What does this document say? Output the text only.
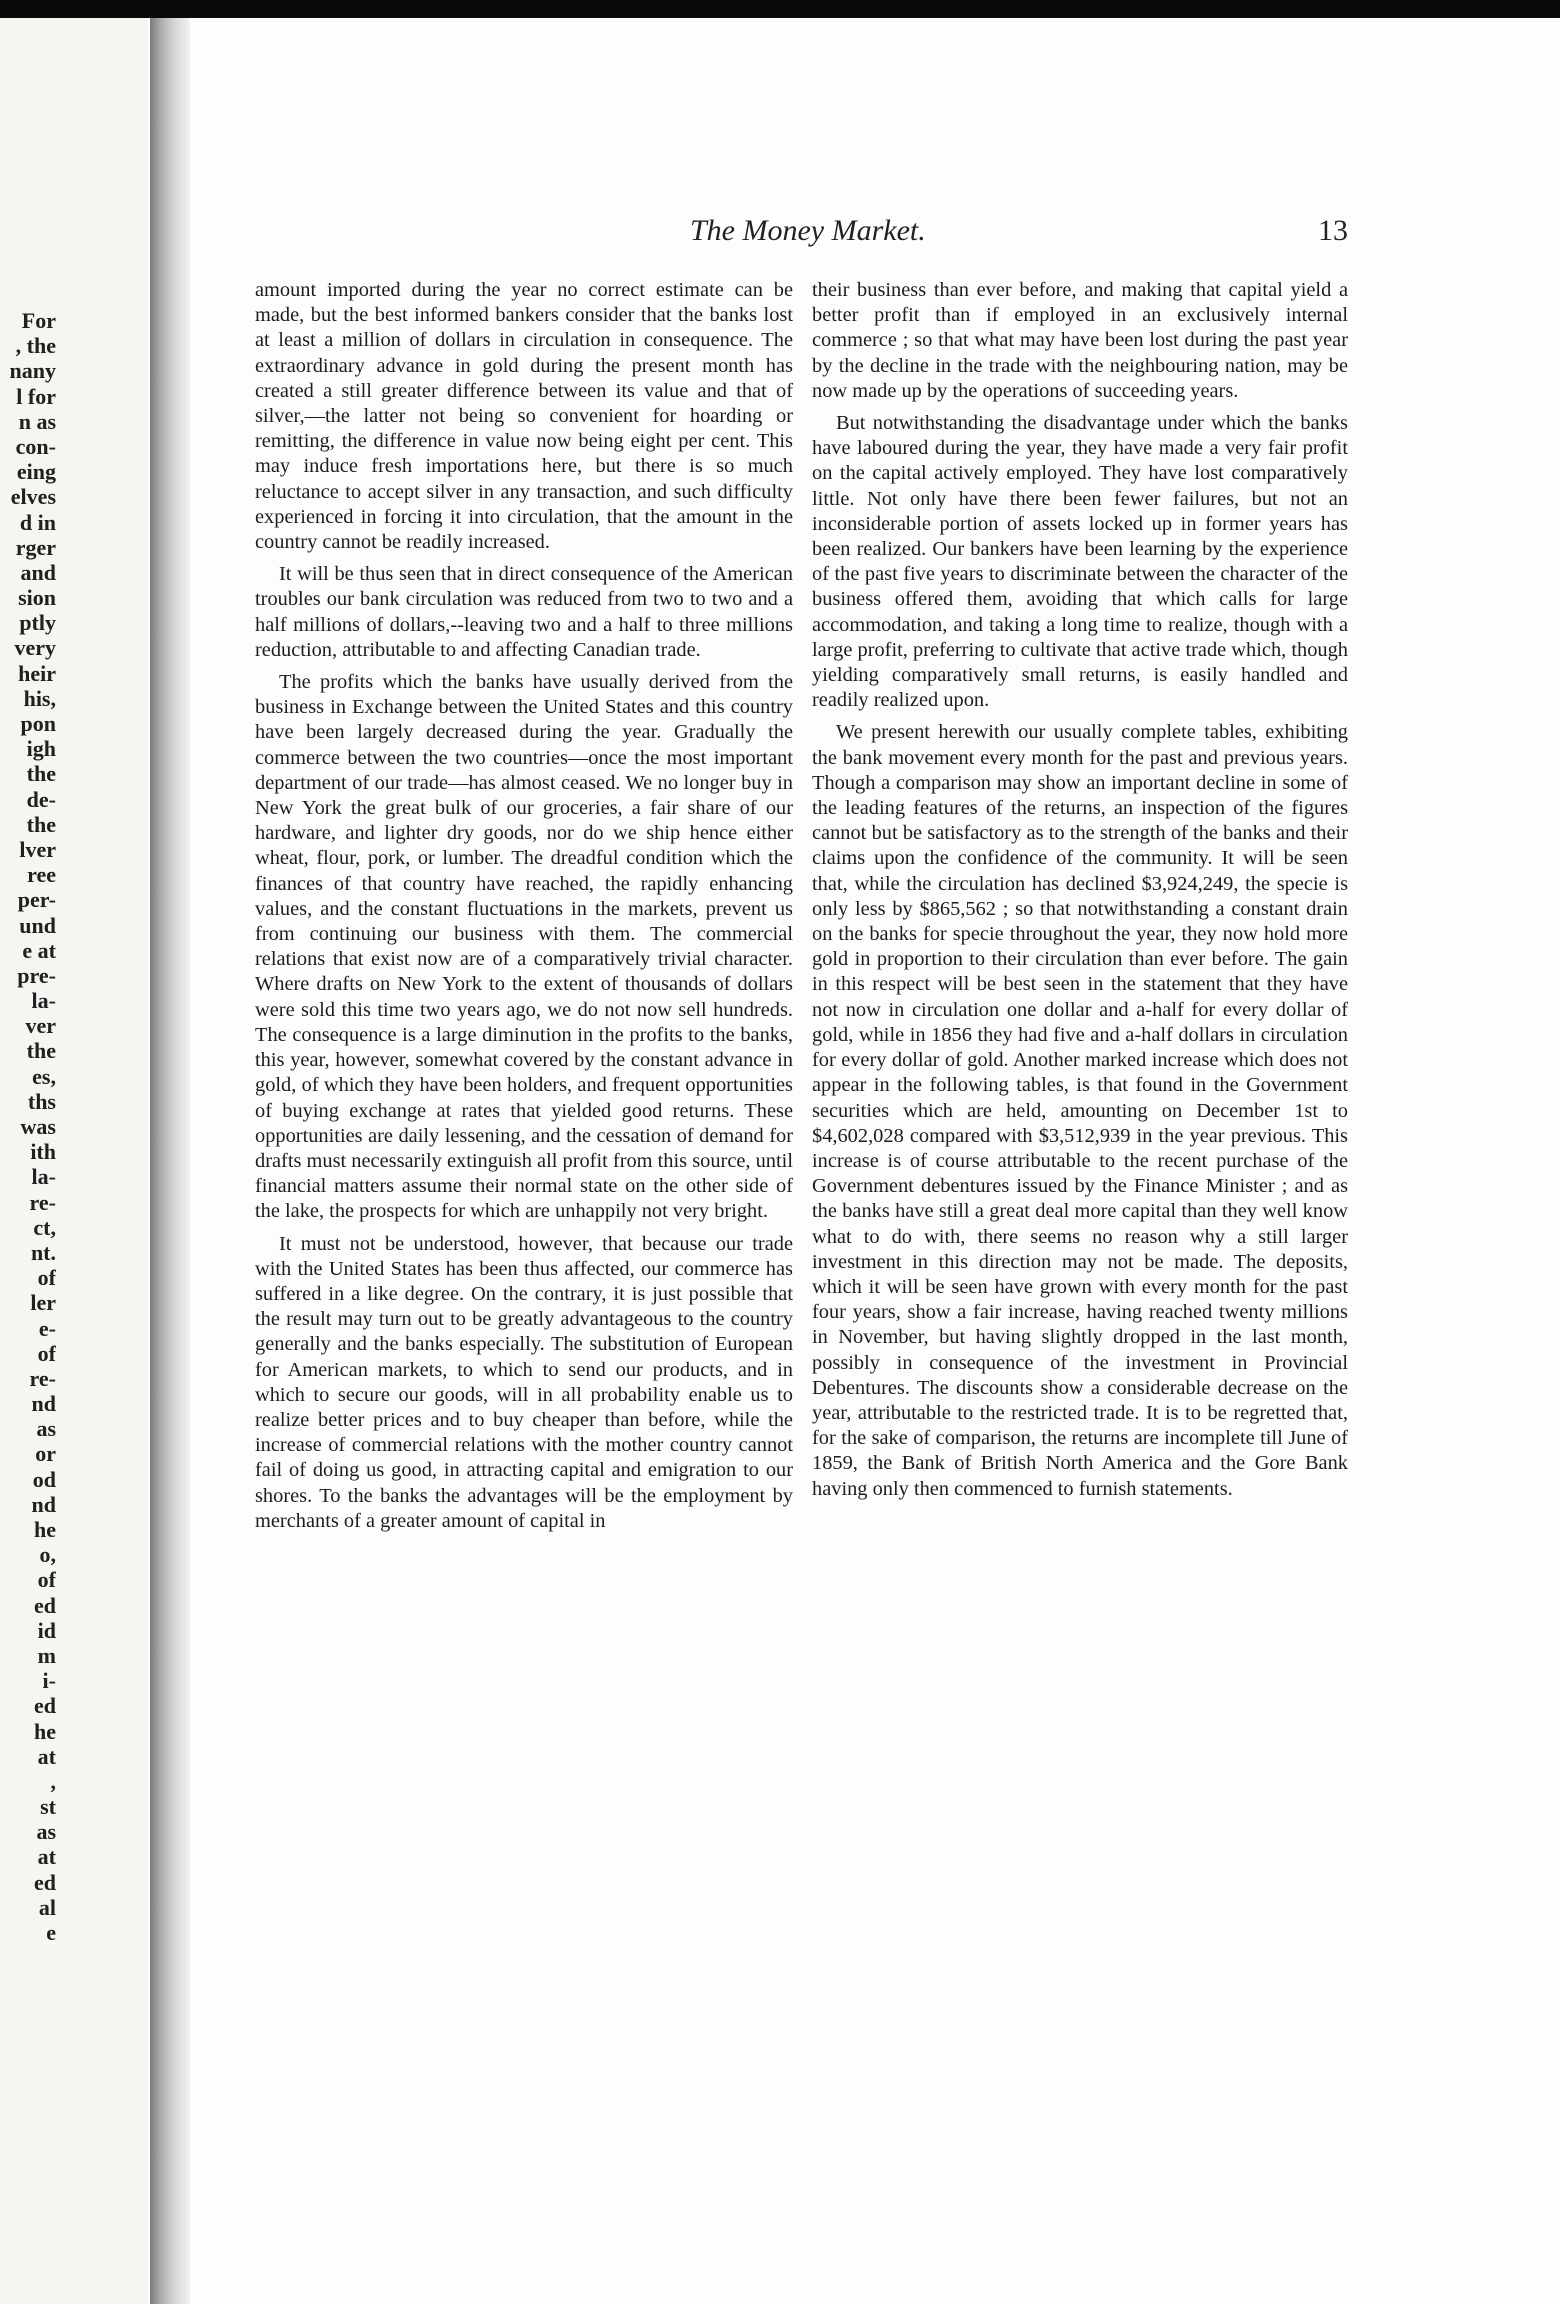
For
, the
nany
l for
n as
con-
eing
elves
d in
rger
and
sion
ptly
very
heir
his,
pon
igh
the
de-
the
lver
ree
per-
und
e at
pre-
la-
ver
the
es,
ths
was
ith
la-
re-
ct,
nt.
of
ler
e-
of
re-
nd
as
or
od
nd
he
o,
of
ed
id
m
i-
ed
he
at
,
st
as
at
ed
al
e
The Money Market.	13

amount imported during the year no correct estimate can be made, but the best informed bankers consider that the banks lost at least a million of dollars in circulation in consequence. The extraordinary advance in gold during the present month has created a still greater difference between its value and that of silver,—the latter not being so convenient for hoarding or remitting, the difference in value now being eight per cent. This may induce fresh importations here, but there is so much reluctance to accept silver in any transaction, and such difficulty experienced in forcing it into circulation, that the amount in the country cannot be readily increased.

It will be thus seen that in direct consequence of the American troubles our bank circulation was reduced from two to two and a half millions of dollars,--leaving two and a half to three millions reduction, attributable to and affecting Canadian trade.

The profits which the banks have usually derived from the business in Exchange between the United States and this country have been largely decreased during the year. Gradually the commerce between the two countries—once the most important department of our trade—has almost ceased. We no longer buy in New York the great bulk of our groceries, a fair share of our hardware, and lighter dry goods, nor do we ship hence either wheat, flour, pork, or lumber. The dreadful condition which the finances of that country have reached, the rapidly enhancing values, and the constant fluctuations in the markets, prevent us from continuing our business with them. The commercial relations that exist now are of a comparatively trivial character. Where drafts on New York to the extent of thousands of dollars were sold this time two years ago, we do not now sell hundreds. The consequence is a large diminution in the profits to the banks, this year, however, somewhat covered by the constant advance in gold, of which they have been holders, and frequent opportunities of buying exchange at rates that yielded good returns. These opportunities are daily lessening, and the cessation of demand for drafts must necessarily extinguish all profit from this source, until financial matters assume their normal state on the other side of the lake, the prospects for which are unhappily not very bright.

It must not be understood, however, that because our trade with the United States has been thus affected, our commerce has suffered in a like degree. On the contrary, it is just possible that the result may turn out to be greatly advantageous to the country generally and the banks especially. The substitution of European for American markets, to which to send our products, and in which to secure our goods, will in all probability enable us to realize better prices and to buy cheaper than before, while the increase of commercial relations with the mother country cannot fail of doing us good, in attracting capital and emigration to our shores. To the banks the advantages will be the employment by merchants of a greater amount of capital in

their business than ever before, and making that capital yield a better profit than if employed in an exclusively internal commerce ; so that what may have been lost during the past year by the decline in the trade with the neighbouring nation, may be now made up by the operations of succeeding years.

But notwithstanding the disadvantage under which the banks have laboured during the year, they have made a very fair profit on the capital actively employed. They have lost comparatively little. Not only have there been fewer failures, but not an inconsiderable portion of assets locked up in former years has been realized. Our bankers have been learning by the experience of the past five years to discriminate between the character of the business offered them, avoiding that which calls for large accommodation, and taking a long time to realize, though with a large profit, preferring to cultivate that active trade which, though yielding comparatively small returns, is easily handled and readily realized upon.

We present herewith our usually complete tables, exhibiting the bank movement every month for the past and previous years. Though a comparison may show an important decline in some of the leading features of the returns, an inspection of the figures cannot but be satisfactory as to the strength of the banks and their claims upon the confidence of the community. It will be seen that, while the circulation has declined $3,924,249, the specie is only less by $865,562 ; so that notwithstanding a constant drain on the banks for specie throughout the year, they now hold more gold in proportion to their circulation than ever before. The gain in this respect will be best seen in the statement that they have not now in circulation one dollar and a-half for every dollar of gold, while in 1856 they had five and a-half dollars in circulation for every dollar of gold. Another marked increase which does not appear in the following tables, is that found in the Government securities which are held, amounting on December 1st to $4,602,028 compared with $3,512,939 in the year previous. This increase is of course attributable to the recent purchase of the Government debentures issued by the Finance Minister ; and as the banks have still a great deal more capital than they well know what to do with, there seems no reason why a still larger investment in this direction may not be made. The deposits, which it will be seen have grown with every month for the past four years, show a fair increase, having reached twenty millions in November, but having slightly dropped in the last month, possibly in consequence of the investment in Provincial Debentures. The discounts show a considerable decrease on the year, attributable to the restricted trade. It is to be regretted that, for the sake of comparison, the returns are incomplete till June of 1859, the Bank of British North America and the Gore Bank having only then commenced to furnish statements.
